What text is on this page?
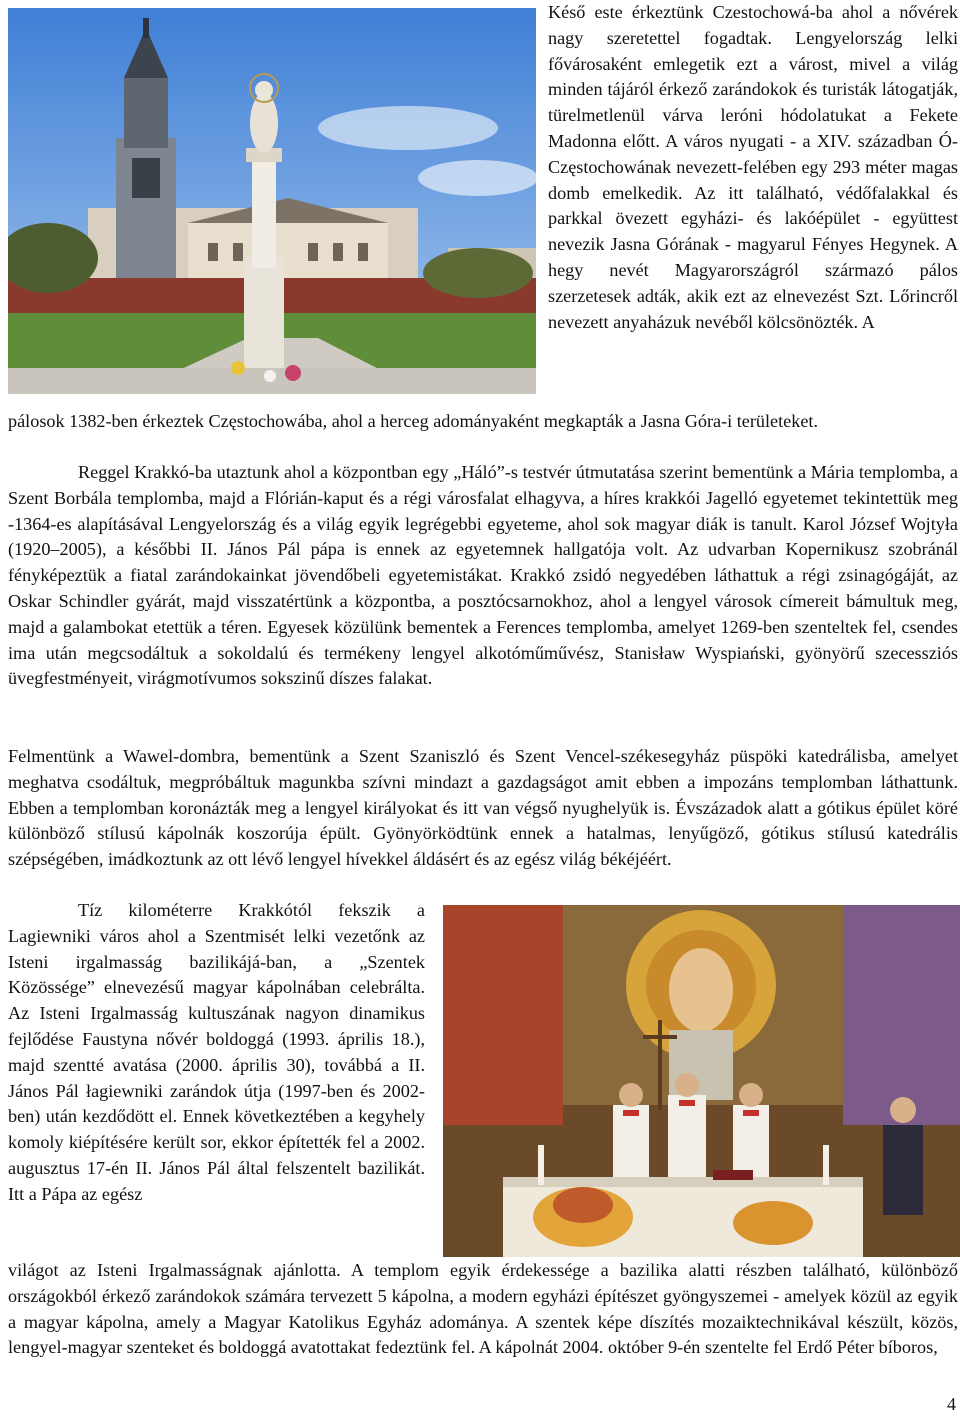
Késő este érkeztünk Czestochowá-ba ahol a nővérek nagy szeretettel fogadtak. Lengyelország lelki fővárosaként emlegetik ezt a várost, mivel a világ minden tájáról érkező zarándokok és turisták látogatják, türelmetlenül várva leróni hódolatukat a Fekete Madonna előtt. A város nyugati - a XIV. században Ó- Częstochowának nevezett-felében egy 293 méter magas domb emelkedik. Az itt található, védőfalakkal és parkkal övezett egyházi- és lakóépület - együttest nevezik Jasna Górának - magyarul Fényes Hegynek. A hegy nevét Magyarországról származó pálos szerzetesek adták, akik ezt az elnevezést Szt. Lőrincről nevezett anyaházuk nevéből kölcsönözték. A

pálosok 1382-ben érkeztek Częstochowába, ahol a herceg adományaként megkapták a Jasna Góra-i területeket.

Reggel Krakkó-ba utaztunk ahol a központban egy „Háló”-s testvér útmutatása szerint bementünk a Mária templomba, a Szent Borbála templomba, majd a Flórián-kaput és a régi városfalat elhagyva, a híres krakkói Jagelló egyetemet tekintettük meg -1364-es alapításával Lengyelország és a világ egyik legrégebbi egyeteme, ahol sok magyar diák is tanult. Karol József Wojtyła (1920–2005), a későbbi II. János Pál pápa is ennek az egyetemnek hallgatója volt. Az udvarban Kopernikusz szobránál fényképeztük a fiatal zarándokainkat jövendőbeli egyetemistákat. Krakkó zsidó negyedében láthattuk a régi zsinagógáját, az Oskar Schindler gyárát, majd visszatértünk a központba, a posztócsarnokhoz, ahol a lengyel városok címereit bámultuk meg, majd a galambokat etettük a téren. Egyesek közülünk bementek a Ferences templomba, amelyet 1269-ben szenteltek fel, csendes ima után megcsodáltuk a sokoldalú és termékeny lengyel alkotóműművész, Stanisław Wyspiański, gyönyörű szecessziós üvegfestményeit, virágmotívumos sokszinű díszes falakat.

Felmentünk a Wawel-dombra, bementünk a Szent Szaniszló és Szent Vencel-székesegyház püspöki katedrálisba, amelyet meghatva csodáltuk, megpróbáltuk magunkba szívni mindazt a gazdagságot amit ebben a impozáns templomban láthattunk. Ebben a templomban koronázták meg a lengyel királyokat és itt van végső nyughelyük is. Évszázadok alatt a gótikus épület köré különböző stílusú kápolnák koszorúja épült. Gyönyörködtünk ennek a hatalmas, lenyűgöző, gótikus stílusú katedrális szépségében, imádkoztunk az ott lévő lengyel hívekkel áldásért és az egész világ békéjéért.

Tíz kilométerre Krakkótól fekszik a Lagiewniki város ahol a Szentmisét lelki vezetőnk az Isteni irgalmasság bazilikájá-ban, a „Szentek Közössége” elnevezésű magyar kápolnában celebrálta. Az Isteni Irgalmasság kultuszának nagyon dinamikus fejlődése Faustyna nővér boldoggá (1993. április 18.), majd szentté avatása (2000. április 30), továbbá a II. János Pál łagiewniki zarándok útja (1997-ben és 2002-ben) után kezdődött el. Ennek következtében a kegyhely komoly kiépítésére került sor, ekkor építették fel a 2002. augusztus 17-én II. János Pál által felszentelt bazilikát. Itt a Pápa az egész

világot az Isteni Irgalmasságnak ajánlotta. A templom egyik érdekessége a bazilika alatti részben található, különböző országokból érkező zarándokok számára tervezett 5 kápolna, a modern egyházi építészet gyöngyszemei - amelyek közül az egyik a magyar kápolna, amely a Magyar Katolikus Egyház adománya. A szentek képe díszítés mozaiktechnikával készült, közös, lengyel-magyar szenteket és boldoggá avatottakat fedeztünk fel. A kápolnát 2004. október 9-én szentelte fel Erdő Péter bíboros,

4
